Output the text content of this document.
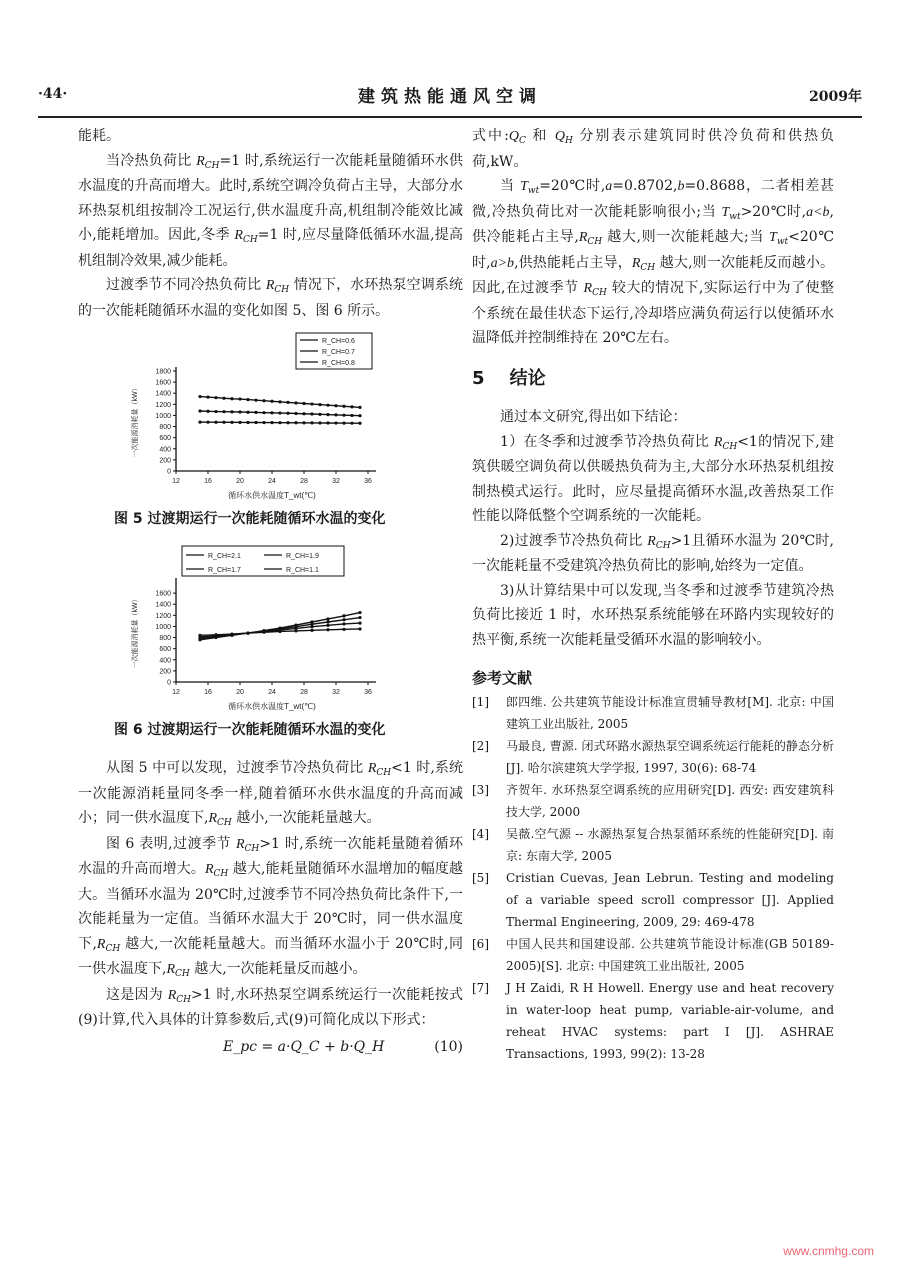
·44·	建筑热能通风空调	2009年

能耗。

当冷热负荷比 $R_{CH}=1$ 时,系统运行一次能耗量随循环水供水温度的升高而增大。此时,系统空调冷负荷占主导，大部分水环热泵机组按制冷工况运行,供水温度升高,机组制冷能效比减小,能耗增加。因此,冬季 $R_{CH}=1$ 时,应尽量降低循环水温,提高机组制冷效果,减少能耗。

过渡季节不同冷热负荷比 $R_{CH}$ 情况下，水环热泵空调系统的一次能耗随循环水温的变化如图 5、图 6 所示。

12	16	20	24	28	32	36
0
200
400
600
800
1000
1200
1400
1600
1800
循环水供水温度T_wt(℃)
一次能源消耗量（kW）
R_CH=0.6
R_CH=0.7
R_CH=0.8
图 5 过渡期运行一次能耗随循环水温的变化
12	16	20	24	28	32	36
0
200
400
600
800
1000
1200
1400
1600
循环水供水温度T_wt(℃)
一次能源消耗量（kW）
R_CH=2.1	R_CH=1.9
R_CH=1.7	R_CH=1.1
图 6 过渡期运行一次能耗随循环水温的变化

从图 5 中可以发现，过渡季节冷热负荷比 $R_{CH}<1$ 时,系统一次能源消耗量同冬季一样,随着循环水供水温度的升高而减小；同一供水温度下$,R_{CH}$ 越小,一次能耗量越大。

图 6 表明,过渡季节 $R_{CH}>1$ 时,系统一次能耗量随着循环水温的升高而增大。$R_{CH}$ 越大,能耗量随循环水温增加的幅度越大。当循环水温为 20℃时,过渡季节不同冷热负荷比条件下,一次能耗量为一定值。当循环水温大于 20℃时，同一供水温度下$,R_{CH}$ 越大,一次能耗量越大。而当循环水温小于 20℃时,同一供水温度下$,R_{CH}$ 越大,一次能耗量反而越小。

这是因为 $R_{CH}>1$ 时,水环热泵空调系统运行一次能耗按式(9)计算,代入具体的计算参数后,式(9)可简化成以下形式：

E_pc = a·Q_C + b·Q_H	(10)

式中$:Q_C$ 和 $Q_H$ 分别表示建筑同时供冷负荷和供热负荷,kW。

当 $T_{wt}=20℃$时,a=0.8702,b=0.8688，二者相差甚微,冷热负荷比对一次能耗影响很小;当 $T_{wt}>20℃$时,a<b,供冷能耗占主导$,R_{CH}$ 越大,则一次能耗越大;当 $T_{wt}<20℃$时,a>b,供热能耗占主导，$R_{CH}$ 越大,则一次能耗反而越小。因此,在过渡季节 $R_{CH}$ 较大的情况下,实际运行中为了使整个系统在最佳状态下运行,冷却塔应满负荷运行以使循环水温降低并控制维持在 20℃左右。

5 结论

通过本文研究,得出如下结论：

1）在冬季和过渡季节冷热负荷比 $R_{CH}<1$的情况下,建筑供暖空调负荷以供暖热负荷为主,大部分水环热泵机组按制热模式运行。此时，应尽量提高循环水温,改善热泵工作性能以降低整个空调系统的一次能耗。

2)过渡季节冷热负荷比 $R_{CH}>1$且循环水温为 20℃时,一次能耗量不受建筑冷热负荷比的影响,始终为一定值。

3)从计算结果中可以发现,当冬季和过渡季节建筑冷热负荷比接近 1 时，水环热泵系统能够在环路内实现较好的热平衡,系统一次能耗量受循环水温的影响较小。

参考文献
[1]	郎四维. 公共建筑节能设计标准宣贯辅导教材[M]. 北京: 中国建筑工业出版社, 2005
[2]	马最良, 曹源. 闭式环路水源热泵空调系统运行能耗的静态分析[J]. 哈尔滨建筑大学学报, 1997, 30(6): 68-74
[3]	齐贺年. 水环热泵空调系统的应用研究[D]. 西安: 西安建筑科技大学, 2000
[4]	吴薇.空气源 -- 水源热泵复合热泵循环系统的性能研究[D]. 南京: 东南大学, 2005
[5]	Cristian Cuevas, Jean Lebrun. Testing and modeling of a variable speed scroll compressor [J]. Applied Thermal Engineering, 2009, 29: 469-478
[6]	中国人民共和国建设部. 公共建筑节能设计标准(GB 50189-2005)[S]. 北京: 中国建筑工业出版社, 2005
[7]	J H Zaidi, R H Howell. Energy use and heat recovery in water-loop heat pump, variable-air-volume, and reheat HVAC systems: part I [J]. ASHRAE Transactions, 1993, 99(2): 13-28
www.cnmhg.com
